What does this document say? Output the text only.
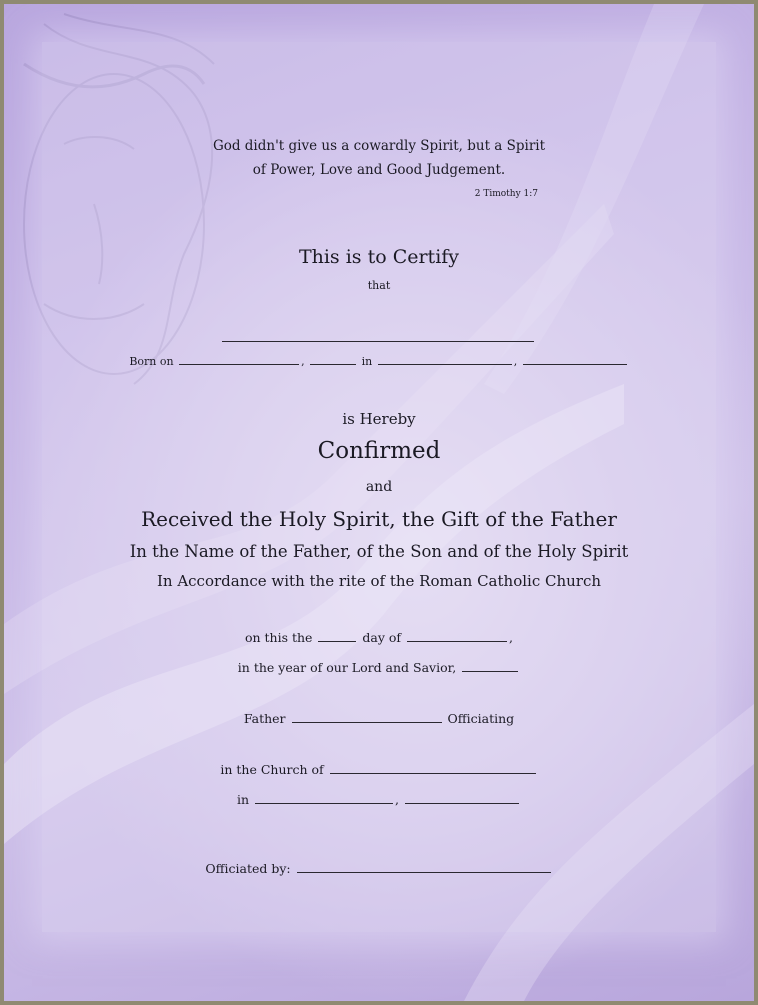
God didn't give us a cowardly Spirit, but a Spirit
of Power, Love and Good Judgement.
2 Timothy 1:7
This is to Certify
that
Born on	,	in	,
is Hereby
Confirmed
and
Received the Holy Spirit, the Gift of the Father
In the Name of the Father, of the Son and of the Holy Spirit
In Accordance with the rite of the Roman Catholic Church
on this the	day of	,
in the year of our Lord and Savior,
Father	Officiating
in the Church of
in	,
Officiated by:
